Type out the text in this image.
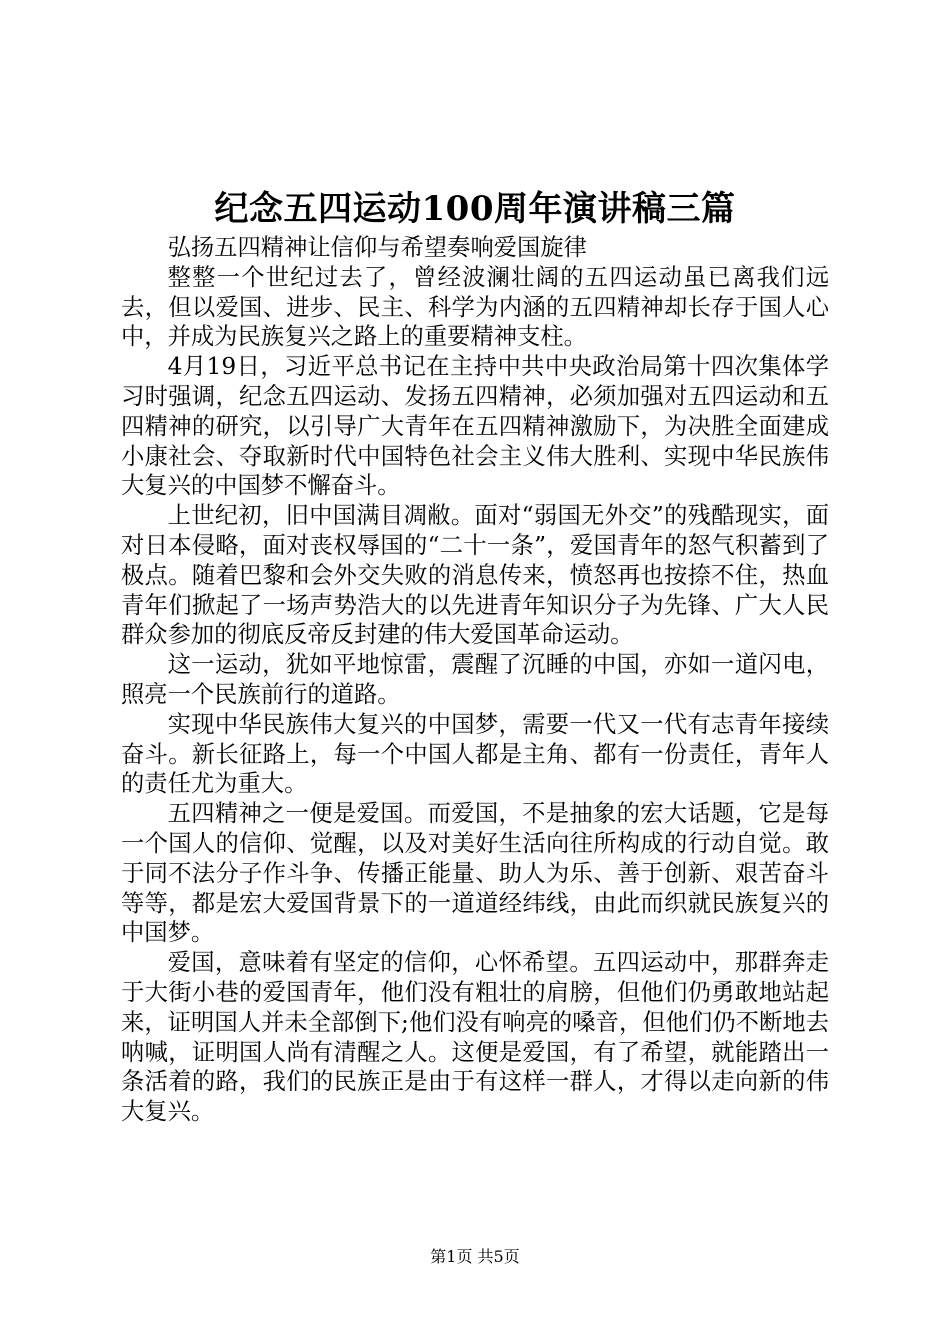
纪念五四运动100周年演讲稿三篇

弘扬五四精神让信仰与希望奏响爱国旋律

整整一个世纪过去了，曾经波澜壮阔的五四运动虽已离我们远去，但以爱国、进步、民主、科学为内涵的五四精神却长存于国人心中，并成为民族复兴之路上的重要精神支柱。

4月19日，习近平总书记在主持中共中央政治局第十四次集体学习时强调，纪念五四运动、发扬五四精神，必须加强对五四运动和五四精神的研究，以引导广大青年在五四精神激励下，为决胜全面建成小康社会、夺取新时代中国特色社会主义伟大胜利、实现中华民族伟大复兴的中国梦不懈奋斗。

上世纪初，旧中国满目凋敝。面对“弱国无外交”的残酷现实，面对日本侵略，面对丧权辱国的“二十一条”，爱国青年的怒气积蓄到了极点。随着巴黎和会外交失败的消息传来，愤怒再也按捺不住，热血青年们掀起了一场声势浩大的以先进青年知识分子为先锋、广大人民群众参加的彻底反帝反封建的伟大爱国革命运动。

这一运动，犹如平地惊雷，震醒了沉睡的中国，亦如一道闪电，照亮一个民族前行的道路。

实现中华民族伟大复兴的中国梦，需要一代又一代有志青年接续奋斗。新长征路上，每一个中国人都是主角、都有一份责任，青年人的责任尤为重大。

五四精神之一便是爱国。而爱国，不是抽象的宏大话题，它是每一个国人的信仰、觉醒，以及对美好生活向往所构成的行动自觉。敢于同不法分子作斗争、传播正能量、助人为乐、善于创新、艰苦奋斗等等，都是宏大爱国背景下的一道道经纬线，由此而织就民族复兴的中国梦。

爱国，意味着有坚定的信仰，心怀希望。五四运动中，那群奔走于大街小巷的爱国青年，他们没有粗壮的肩膀，但他们仍勇敢地站起来，证明国人并未全部倒下;他们没有响亮的嗓音，但他们仍不断地去呐喊，证明国人尚有清醒之人。这便是爱国，有了希望，就能踏出一条活着的路，我们的民族正是由于有这样一群人，才得以走向新的伟大复兴。

第1页 共5页
